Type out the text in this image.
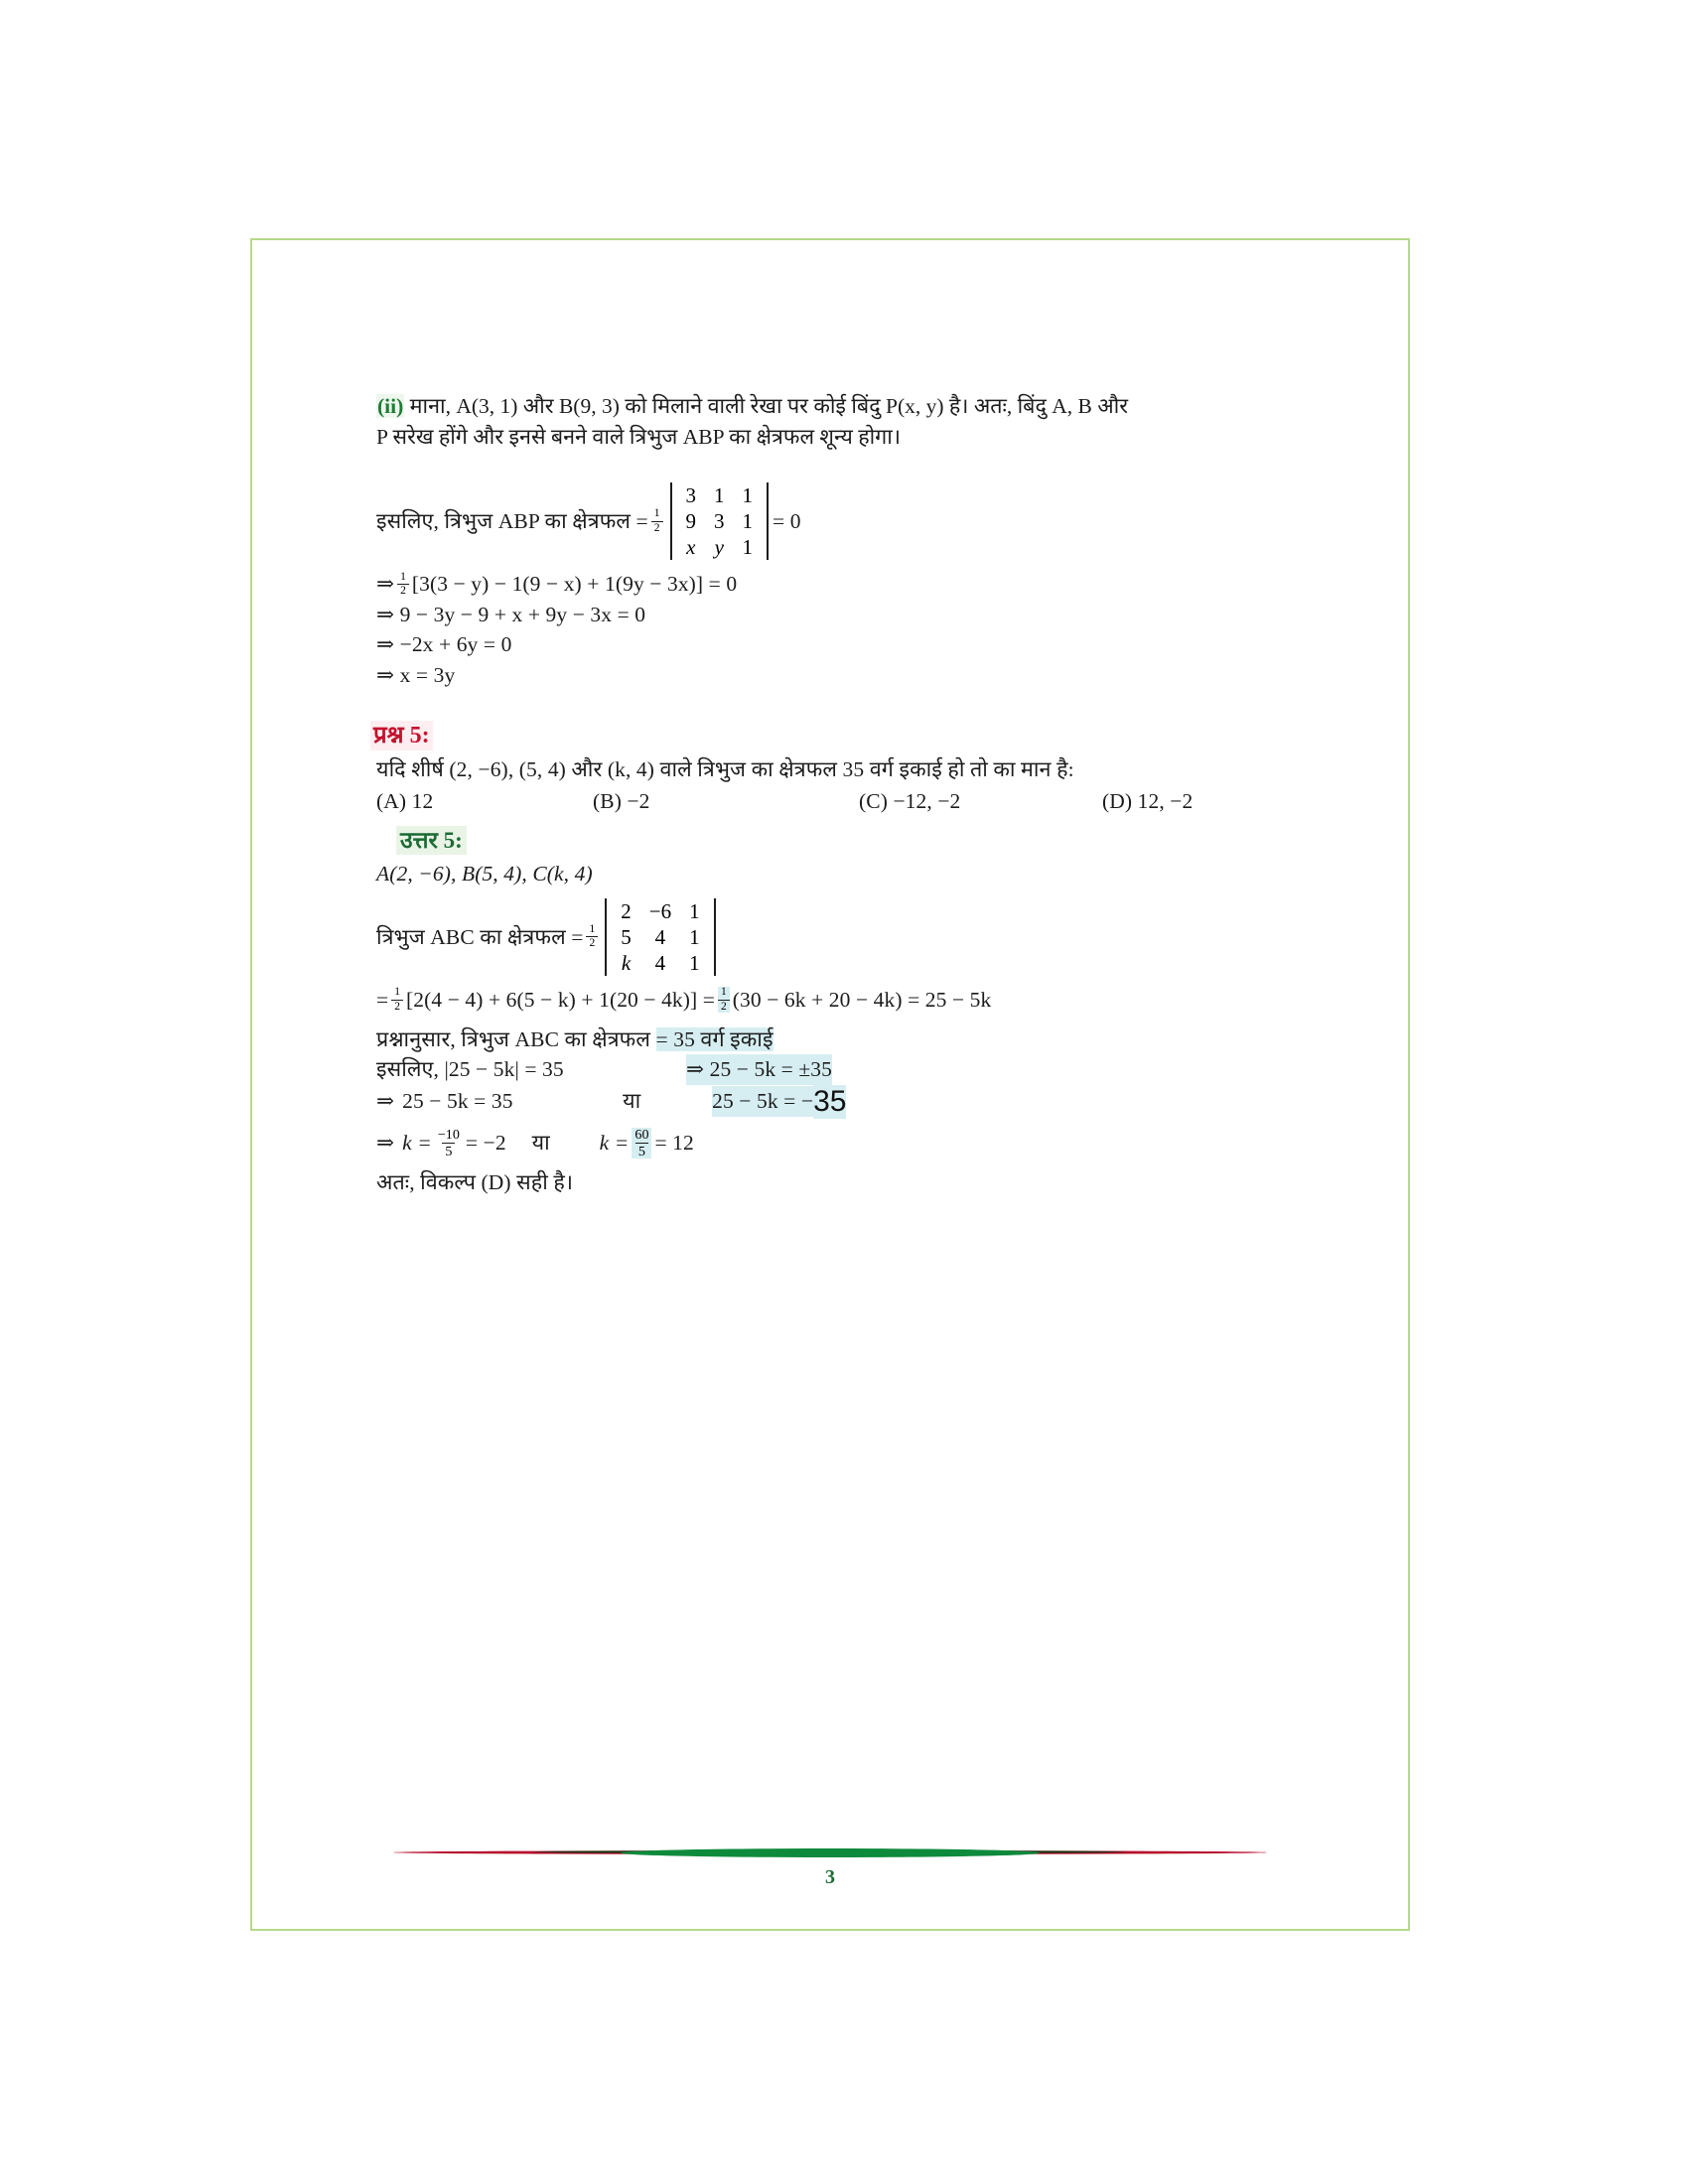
(ii) माना, A(3, 1) और B(9, 3) को मिलाने वाली रेखा पर कोई बिंदु P(x, y) है। अतः, बिंदु A, B और
P सरेख होंगे और इनसे बनने वाले त्रिभुज ABP का क्षेत्रफल शून्य होगा।
इसलिए, त्रिभुज ABP का क्षेत्रफल = $\frac{1}{2}$
3	1	1
9	3	1
x	y	1
= 0
⇒ $\frac{1}{2} [3(3 - y) - 1(9 - x) + 1(9y - 3x)] = 0$
⇒ 9 − 3y − 9 + x + 9y − 3x = 0
⇒ −2x + 6y = 0
⇒ x = 3y
प्रश्न 5:
यदि शीर्ष (2, −6), (5, 4) और (k, 4) वाले त्रिभुज का क्षेत्रफल 35 वर्ग इकाई हो तो का मान है:
(A) 12	(B) −2	(C) −12, −2	(D) 12, −2
उत्तर 5:
A(2, −6), B(5, 4), C(k, 4)
त्रिभुज ABC का क्षेत्रफल = $\frac{1}{2}$
2	−6	1
5	4	1
k	4	1
= $\frac{1}{2} [2(4 - 4) + 6(5 - k) + 1(20 - 4k)] = \frac{1}{2} (30 - 6k + 20 - 4k) = 25 - 5k$
प्रश्नानुसार, त्रिभुज ABC का क्षेत्रफल = 35 वर्ग इकाई
इसलिए, |25 − 5k| = 35	⇒ 25 − 5k = ±35
⇒ 25 − 5k = 35	या	25 − 5k = − 35
⇒ $k = \frac{-10}{5} = -2$	या	$k = \frac{60}{5} = 12$
अतः, विकल्प (D) सही है।
3
